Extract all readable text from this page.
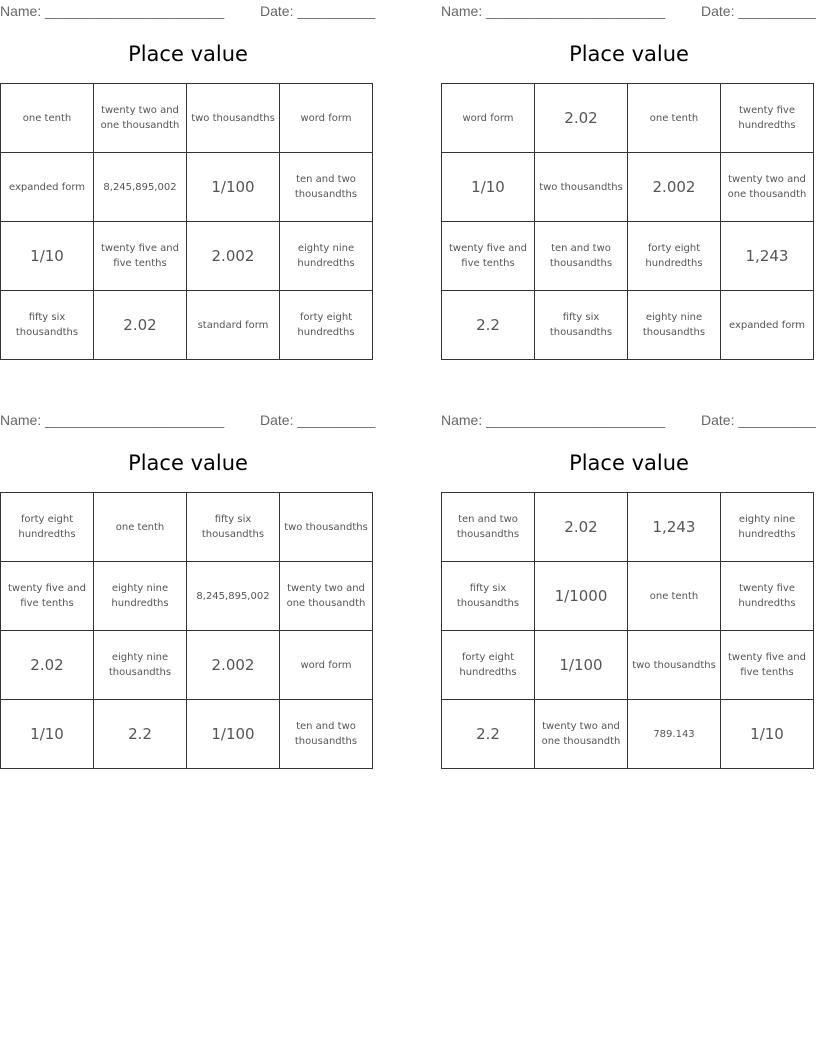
Name: _______________________	Date: __________
Place value
one tenth	twenty two and one thousandth	two thousandths	word form
expanded form	8,245,895,002	1/100	ten and two thousandths
1/10	twenty five and five tenths	2.002	eighty nine hundredths
fifty six thousandths	2.02	standard form	forty eight hundredths
Name: _______________________	Date: __________
Place value
word form	2.02	one tenth	twenty five hundredths
1/10	two thousandths	2.002	twenty two and one thousandth
twenty five and five tenths	ten and two thousandths	forty eight hundredths	1,243
2.2	fifty six thousandths	eighty nine thousandths	expanded form
Name: _______________________	Date: __________
Place value
forty eight hundredths	one tenth	fifty six thousandths	two thousandths
twenty five and five tenths	eighty nine hundredths	8,245,895,002	twenty two and one thousandth
2.02	eighty nine thousandths	2.002	word form
1/10	2.2	1/100	ten and two thousandths
Name: _______________________	Date: __________
Place value
ten and two thousandths	2.02	1,243	eighty nine hundredths
fifty six thousandths	1/1000	one tenth	twenty five hundredths
forty eight hundredths	1/100	two thousandths	twenty five and five tenths
2.2	twenty two and one thousandth	789.143	1/10
